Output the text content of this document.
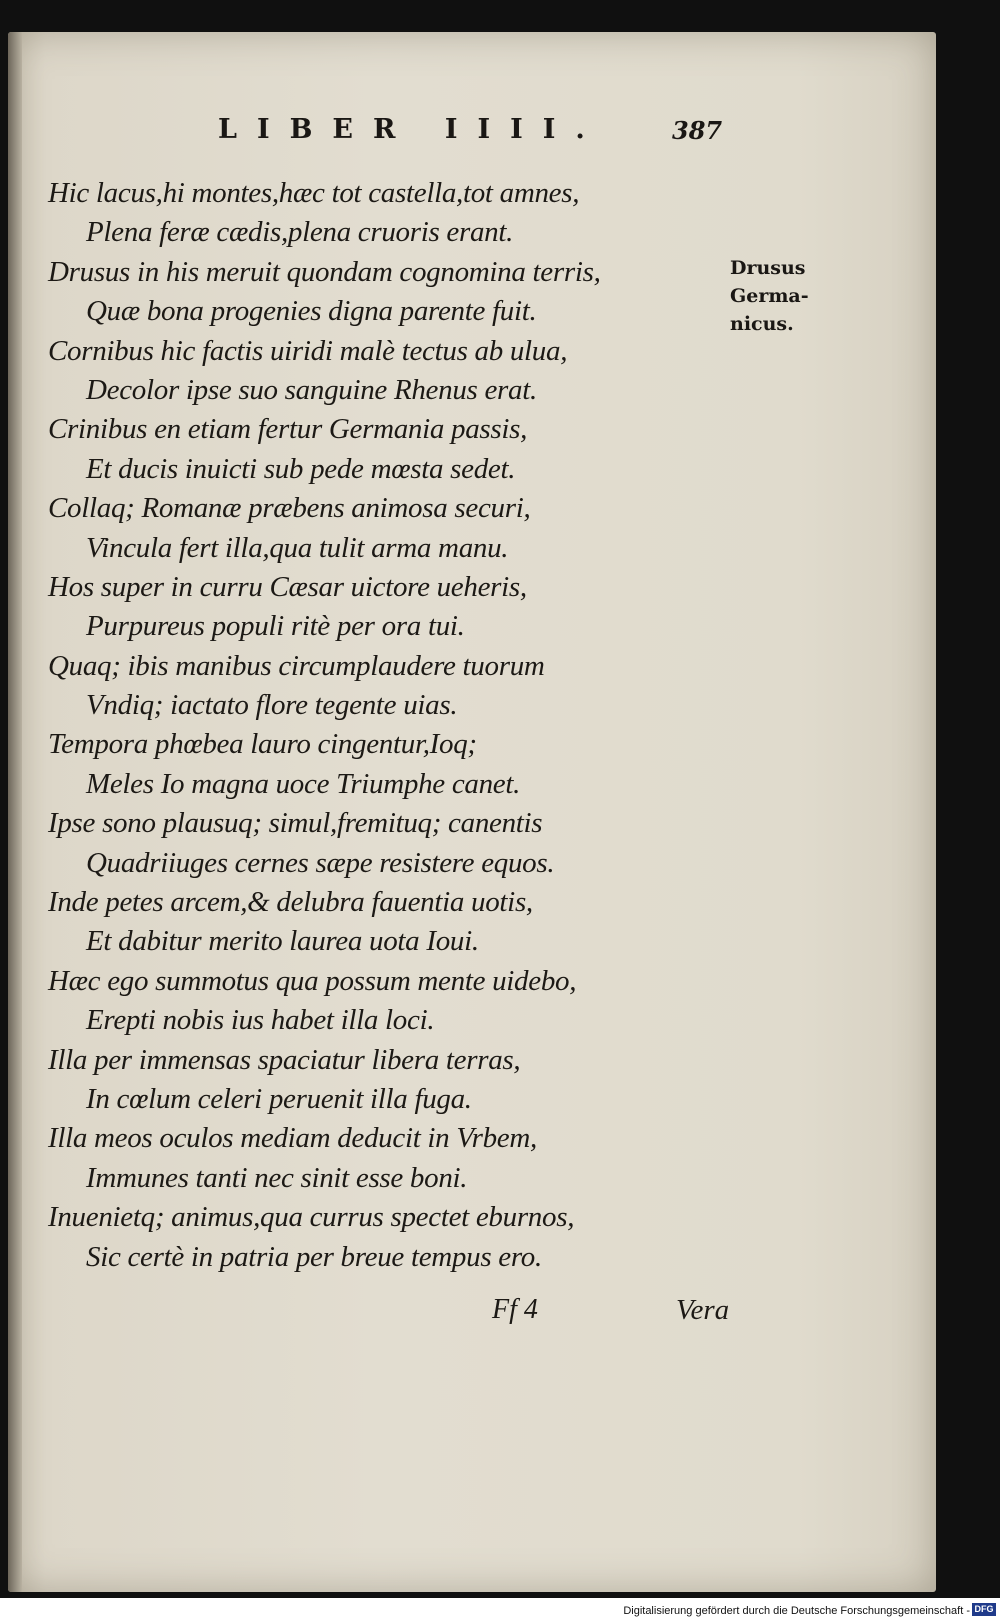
LIBER IIII.	387
Hic lacus,hi montes,hæc tot castella,tot amnes,
Plena feræ cædis,plena cruoris erant.
Drusus in his meruit quondam cognomina terris,
Quæ bona progenies digna parente fuit.
Cornibus hic factis uiridi malè tectus ab ulua,
Decolor ipse suo sanguine Rhenus erat.
Crinibus en etiam fertur Germania passis,
Et ducis inuicti sub pede mœsta sedet.
Collaq; Romanæ præbens animosa securi,
Vincula fert illa,qua tulit arma manu.
Hos super in curru Cæsar uictore ueheris,
Purpureus populi ritè per ora tui.
Quaq; ibis manibus circumplaudere tuorum
Vndiq; iactato flore tegente uias.
Tempora phœbea lauro cingentur,Ioq;
Meles Io magna uoce Triumphe canet.
Ipse sono plausuq; simul,fremituq; canentis
Quadriiuges cernes sæpe resistere equos.
Inde petes arcem,& delubra fauentia uotis,
Et dabitur merito laurea uota Ioui.
Hæc ego summotus qua possum mente uidebo,
Erepti nobis ius habet illa loci.
Illa per immensas spaciatur libera terras,
In cœlum celeri peruenit illa fuga.
Illa meos oculos mediam deducit in Vrbem,
Immunes tanti nec sinit esse boni.
Inuenietq; animus,qua currus spectet eburnos,
Sic certè in patria per breue tempus ero.
Drusus
Germa-
nicus.
Ff 4	Vera
Digitalisierung gefördert durch die Deutsche Forschungsgemeinschaft - DFG
